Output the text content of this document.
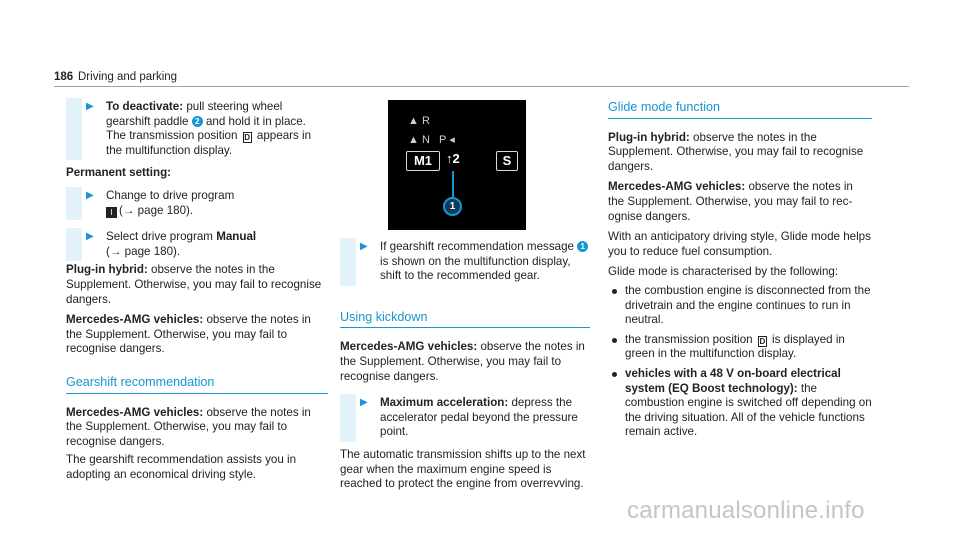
186 Driving and parking
▶ To deactivate: pull steering wheel gearshift paddle 2 and hold it in place.

The transmission position D appears in the multifunction display.

Permanent setting:

▶ Change to drive program
I (→ page 180).

▶ Select drive program Manual
(→ page 180).

Plug-in hybrid: observe the notes in the Supplement. Otherwise, you may fail to recognise dangers.

Mercedes-AMG vehicles: observe the notes in the Supplement. Otherwise, you may fail to recognise dangers.

Gearshift recommendation

Mercedes-AMG vehicles: observe the notes in the Supplement. Otherwise, you may fail to recognise dangers.

The gearshift recommendation assists you in adopting an economical driving style.

▲ R
▲ N   P ◂
M1	↑2	S
1
▶ If gearshift recommendation message 1 is shown on the multifunction display, shift to the recommended gear.

Using kickdown

Mercedes-AMG vehicles: observe the notes in the Supplement. Otherwise, you may fail to recognise dangers.

▶ Maximum acceleration: depress the accelerator pedal beyond the pressure point.

The automatic transmission shifts up to the next gear when the maximum engine speed is reached to protect the engine from overrevving.

Glide mode function

Plug-in hybrid: observe the notes in the Supplement. Otherwise, you may fail to recognise dangers.

Mercedes-AMG vehicles: observe the notes in the Supplement. Otherwise, you may fail to rec-ognise dangers.

With an anticipatory driving style, Glide mode helps you to reduce fuel consumption.

Glide mode is characterised by the following:

the combustion engine is disconnected from the drivetrain and the engine continues to run in neutral.
the transmission position D is displayed in green in the multifunction display.
vehicles with a 48 V on-board electrical system (EQ Boost technology): the combustion engine is switched off depending on the driving situation. All of the vehicle functions remain active.
carmanualsonline.info
